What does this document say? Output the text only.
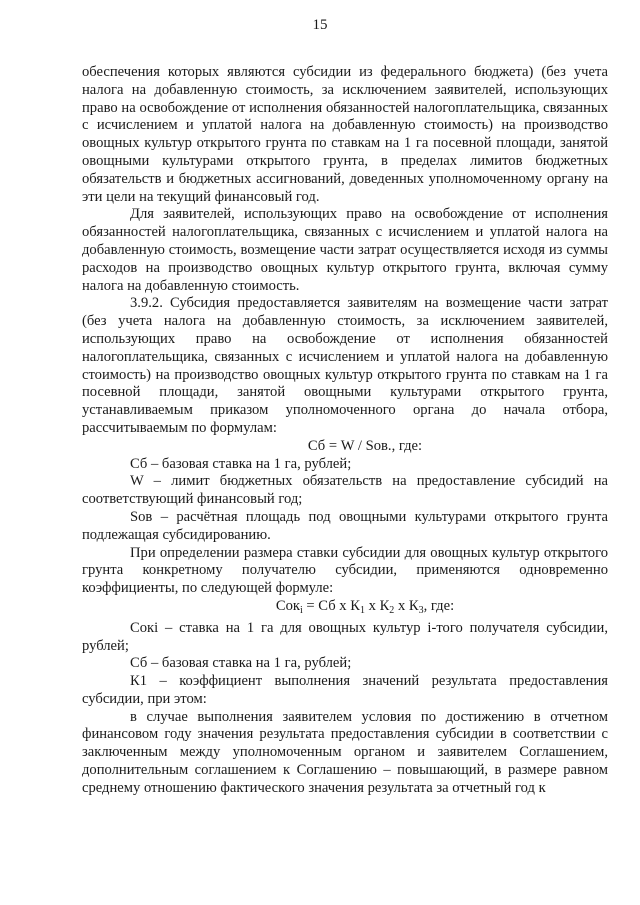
15

обеспечения которых являются субсидии из федерального бюджета) (без учета налога на добавленную стоимость, за исключением заявителей, использующих право на освобождение от исполнения обязанностей налогоплательщика, связанных с исчислением и уплатой налога на добавленную стоимость) на производство овощных культур открытого грунта по ставкам на 1 га посевной площади, занятой овощными культурами открытого грунта, в пределах лимитов бюджетных обязательств и бюджетных ассигнований, доведенных уполномоченному органу на эти цели на текущий финансовый год.

Для заявителей, использующих право на освобождение от исполнения обязанностей налогоплательщика, связанных с исчислением и уплатой налога на добавленную стоимость, возмещение части затрат осуществляется исходя из суммы расходов на производство овощных культур открытого грунта, включая сумму налога на добавленную стоимость.

3.9.2. Субсидия предоставляется заявителям на возмещение части затрат (без учета налога на добавленную стоимость, за исключением заявителей, использующих право на освобождение от исполнения обязанностей налогоплательщика, связанных с исчислением и уплатой налога на добавленную стоимость) на производство овощных культур открытого грунта по ставкам на 1 га посевной площади, занятой овощными культурами открытого грунта, устанавливаемым приказом уполномоченного органа до начала отбора, рассчитываемым по формулам:

Сб = W / Sов., где:

Сб – базовая ставка на 1 га, рублей;

W – лимит бюджетных обязательств на предоставление субсидий на соответствующий финансовый год;

Sов – расчётная площадь под овощными культурами открытого грунта подлежащая субсидированию.

При определении размера ставки субсидии для овощных культур открытого грунта конкретному получателю субсидии, применяются одновременно коэффициенты, по следующей формуле:

Сок$_i$ = Сб х $К_1$ х $К_2$ х $К_3$, где:

Сокі – ставка на 1 га для овощных культур і-того получателя субсидии, рублей;

Сб – базовая ставка на 1 га, рублей;

К1 – коэффициент выполнения значений результата предоставления субсидии, при этом:

в случае выполнения заявителем условия по достижению в отчетном финансовом году значения результата предоставления субсидии в соответствии с заключенным между уполномоченным органом и заявителем Соглашением, дополнительным соглашением к Соглашению – повышающий, в размере равном среднему отношению фактического значения результата за отчетный год к
